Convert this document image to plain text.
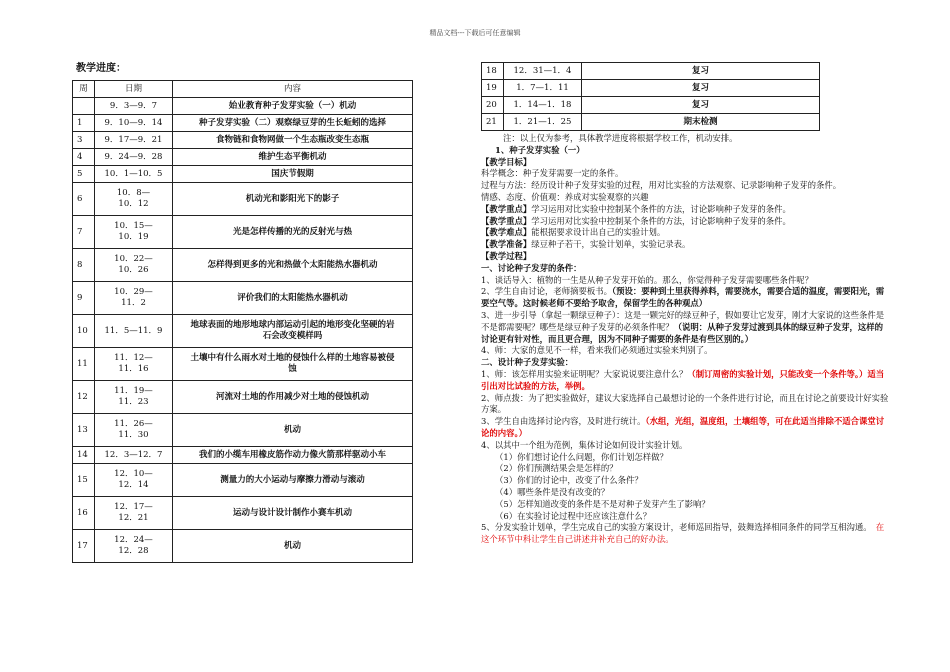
精品文档---下载后可任意编辑
教学进度：
周	日期	内容
	9．3—9．7	始业教育种子发芽实验（一）机动
1	9．10—9．14	种子发芽实验（二）观察绿豆芽的生长蚯蚓的选择
3	9．17—9．21	食物链和食物网做一个生态瓶改变生态瓶
4	9．24—9．28	维护生态平衡机动
5	10．1—10．5	国庆节假期
6	10．8—
10．12	机动光和影阳光下的影子
7	10．15—
10．19	光是怎样传播的光的反射光与热
8	10．22—
10．26	怎样得到更多的光和热做个太阳能热水器机动
9	10．29—
11．2	评价我们的太阳能热水器机动
10	11．5—11．9	地球表面的地形地球内部运动引起的地形变化坚硬的岩
石会改变模样吗
11	11．12—
11．16	土壤中有什么雨水对土地的侵蚀什么样的土地容易被侵
蚀
12	11．19—
11．23	河流对土地的作用减少对土地的侵蚀机动
13	11．26—
11．30	机动
14	12．3—12．7	我们的小缆车用橡皮筋作动力像火箭那样驱动小车
15	12．10—
12．14	测量力的大小运动与摩擦力滑动与滚动
16	12．17—
12．21	运动与设计设计制作小赛车机动
17	12．24—
12．28	机动
18	12．31—1．4	复习
19	1．7—1．11	复习
20	1．14—1．18	复习
21	1．21—1．25	期末检测

注：以上仅为参考，具体教学进度将根据学校工作，机动安排。

1、种子发芽实验（一）

【教学目标】

科学概念：种子发芽需要一定的条件。

过程与方法：经历设计种子发芽实验的过程，用对比实验的方法观察、记录影响种子发芽的条件。

情感、态度、价值观：养成对实验观察的兴趣

【教学重点】学习运用对比实验中控制某个条件的方法，讨论影响种子发芽的条件。

【教学重点】学习运用对比实验中控制某个条件的方法，讨论影响种子发芽的条件。

【教学难点】能根据要求设计出自己的实验计划。

【教学准备】绿豆种子若干，实验计划单，实验记录表。

【教学过程】

一、讨论种子发芽的条件：

1、谈话导入：植物的一生是从种子发芽开始的。那么，你觉得种子发芽需要哪些条件呢？

2、学生自由讨论，老师摘要板书。（预设：要种到土里获得养料，需要浇水，需要合适的温度，需要阳光，需要空气等。这时候老师不要给予取舍，保留学生的各种观点）

3、进一步引导（拿起一颗绿豆种子）：这是一颗完好的绿豆种子，假如要让它发芽，刚才大家说的这些条件是不是都需要呢？哪些是绿豆种子发芽的必须条件呢？（说明：从种子发芽过渡到具体的绿豆种子发芽，这样的讨论更有针对性，而且更合理，因为不同种子需要的条件是有些区别的。）

4、师：大家的意见不一样，看来我们必须通过实验来判别了。

二、设计种子发芽实验：

1、师：该怎样用实验来证明呢？大家说说要注意什么？（制订周密的实验计划，只能改变一个条件等。）适当引出对比试验的方法，举例。

2、师点拨：为了把实验做好，建议大家选择自己最想讨论的一个条件进行讨论，而且在讨论之前要设计好实验方案。

3、学生自由选择讨论内容，及时进行统计。（水组，光组，温度组，土壤组等，可在此适当排除不适合课堂讨论的内容。）

4、以其中一个组为范例，集体讨论如何设计实验计划。

（1）你们想讨论什么问题，你们计划怎样做？

（2）你们预测结果会是怎样的？

（3）你们的讨论中，改变了什么条件？

（4）哪些条件是没有改变的？

（5）怎样知道改变的条件是不是对种子发芽产生了影响？

（6）在实验讨论过程中还应该注意什么？

5、分发实验计划单，学生完成自己的实验方案设计，老师巡回指导，鼓舞选择相同条件的同学互相沟通。　 在这个环节中科让学生自己讲述并补充自己的好办法。
